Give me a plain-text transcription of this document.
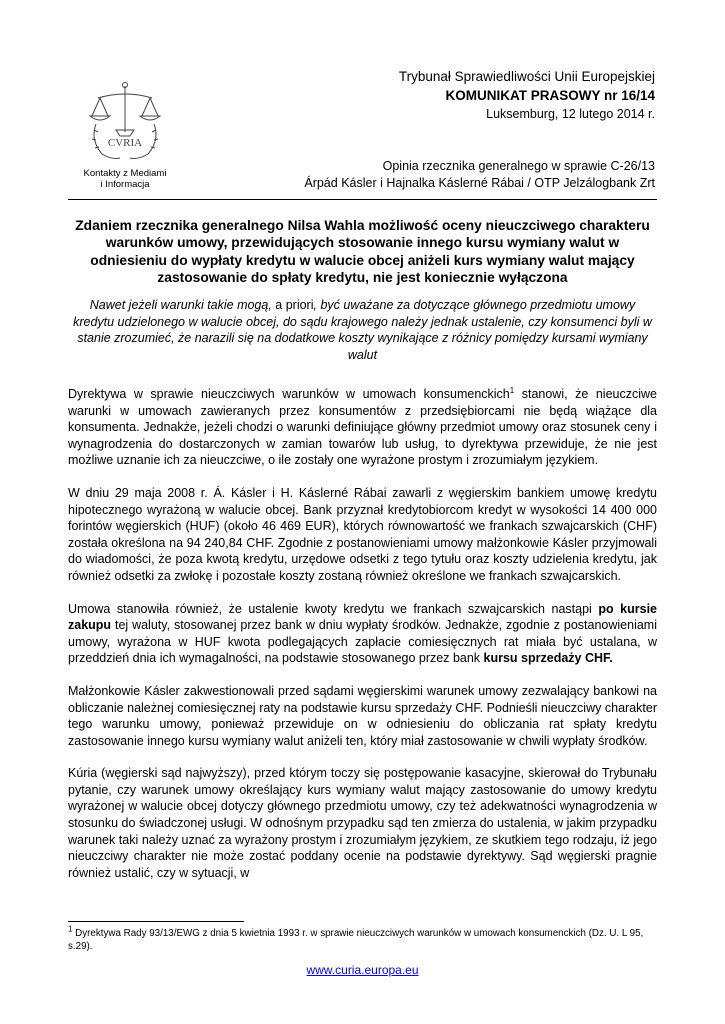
CVRIA
Kontakty z Mediami
i Informacja
Trybunał Sprawiedliwości Unii Europejskiej
KOMUNIKAT PRASOWY nr 16/14
Luksemburg, 12 lutego 2014 r.
Opinia rzecznika generalnego w sprawie C-26/13
Árpád Kásler i Hajnalka Káslerné Rábai / OTP Jelzálogbank Zrt
Zdaniem rzecznika generalnego Nilsa Wahla możliwość oceny nieuczciwego charakteru warunków umowy, przewidujących stosowanie innego kursu wymiany walut w odniesieniu do wypłaty kredytu w walucie obcej aniżeli kurs wymiany walut mający zastosowanie do spłaty kredytu, nie jest koniecznie wyłączona
Nawet jeżeli warunki takie mogą, a priori, być uważane za dotyczące głównego przedmiotu umowy kredytu udzielonego w walucie obcej, do sądu krajowego należy jednak ustalenie, czy konsumenci byli w stanie zrozumieć, że narazili się na dodatkowe koszty wynikające z różnicy pomiędzy kursami wymiany walut

Dyrektywa w sprawie nieuczciwych warunków w umowach konsumenckich$^1$ stanowi, że nieuczciwe warunki w umowach zawieranych przez konsumentów z przedsiębiorcami nie będą wiążące dla konsumenta. Jednakże, jeżeli chodzi o warunki definiujące główny przedmiot umowy oraz stosunek ceny i wynagrodzenia do dostarczonych w zamian towarów lub usług, to dyrektywa przewiduje, że nie jest możliwe uznanie ich za nieuczciwe, o ile zostały one wyrażone prostym i zrozumiałym językiem.

W dniu 29 maja 2008 r. Á. Kásler i H. Káslerné Rábai zawarli z węgierskim bankiem umowę kredytu hipotecznego wyrażoną w walucie obcej. Bank przyznał kredytobiorcom kredyt w wysokości 14 400 000 forintów węgierskich (HUF) (około 46 469 EUR), których równowartość we frankach szwajcarskich (CHF) została określona na 94 240,84 CHF. Zgodnie z postanowieniami umowy małżonkowie Kásler przyjmowali do wiadomości, że poza kwotą kredytu, urzędowe odsetki z tego tytułu oraz koszty udzielenia kredytu, jak również odsetki za zwłokę i pozostałe koszty zostaną również określone we frankach szwajcarskich.

Umowa stanowiła również, że ustalenie kwoty kredytu we frankach szwajcarskich nastąpi po kursie zakupu tej waluty, stosowanej przez bank w dniu wypłaty środków. Jednakże, zgodnie z postanowieniami umowy, wyrażona w HUF kwota podlegających zapłacie comiesięcznych rat miała być ustalana, w przeddzień dnia ich wymagalności, na podstawie stosowanego przez bank kursu sprzedaży CHF.

Małżonkowie Kásler zakwestionowali przed sądami węgierskimi warunek umowy zezwalający bankowi na obliczanie należnej comiesięcznej raty na podstawie kursu sprzedaży CHF. Podnieśli nieuczciwy charakter tego warunku umowy, ponieważ przewiduje on w odniesieniu do obliczania rat spłaty kredytu zastosowanie innego kursu wymiany walut aniżeli ten, który miał zastosowanie w chwili wypłaty środków.

Kúria (węgierski sąd najwyższy), przed którym toczy się postępowanie kasacyjne, skierował do Trybunału pytanie, czy warunek umowy określający kurs wymiany walut mający zastosowanie do umowy kredytu wyrażonej w walucie obcej dotyczy głównego przedmiotu umowy, czy też adekwatności wynagrodzenia w stosunku do świadczonej usługi. W odnośnym przypadku sąd ten zmierza do ustalenia, w jakim przypadku warunek taki należy uznać za wyrażony prostym i zrozumiałym językiem, ze skutkiem tego rodzaju, iż jego nieuczciwy charakter nie może zostać poddany ocenie na podstawie dyrektywy. Sąd węgierski pragnie również ustalić, czy w sytuacji, w

$^1$ Dyrektywa Rady 93/13/EWG z dnia 5 kwietnia 1993 r. w sprawie nieuczciwych warunków w umowach konsumenckich (Dz. U. L 95, s.29).
www.curia.europa.eu
